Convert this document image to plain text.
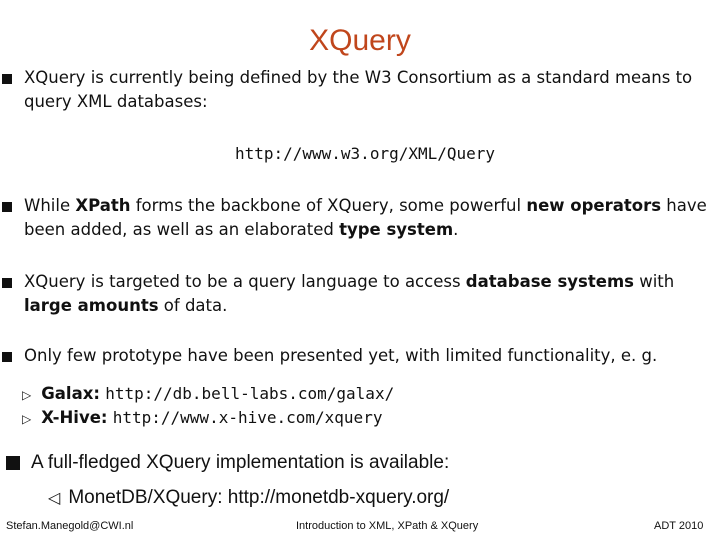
XQuery
XQuery is currently being defined by the W3 Consortium as a standard means to query XML databases:
http://www.w3.org/XML/Query
While XPath forms the backbone of XQuery, some powerful new operators have been added, as well as an elaborated type system.
XQuery is targeted to be a query language to access database systems with large amounts of data.
Only few prototype have been presented yet, with limited functionality, e. g.
▷ Galax: http://db.bell-labs.com/galax/
▷ X-Hive: http://www.x-hive.com/xquery
A full-fledged XQuery implementation is available:
◁ MonetDB/XQuery: http://monetdb-xquery.org/
Stefan.Manegold@CWI.nl	Introduction to XML, XPath & XQuery	ADT 2010
